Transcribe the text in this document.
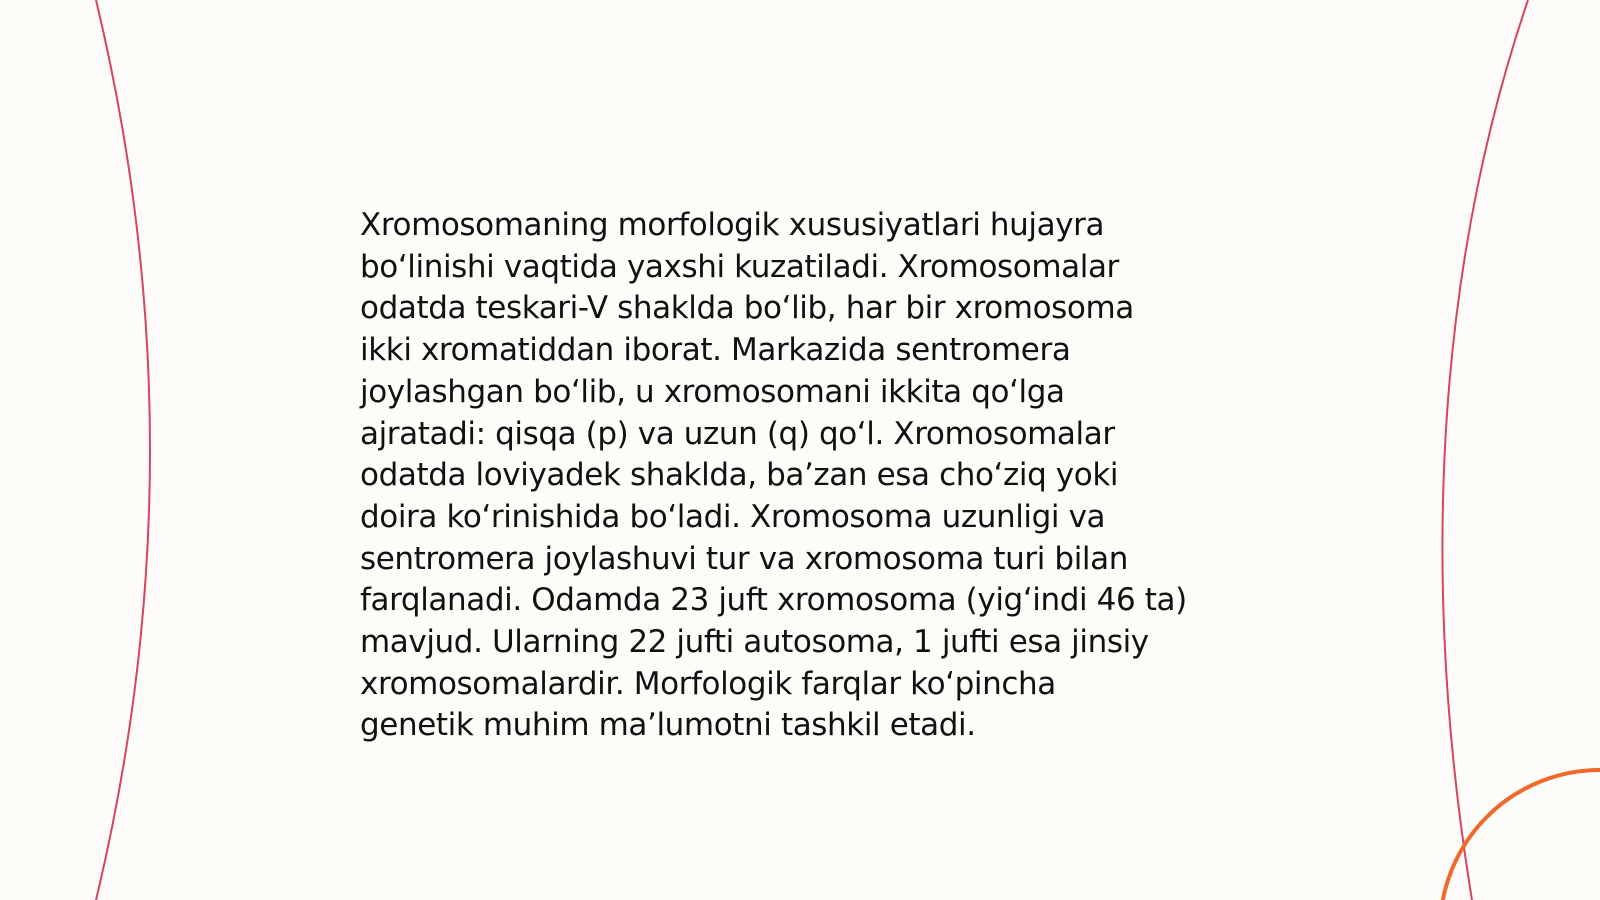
Xromosomaning morfologik xususiyatlari hujayra
bo‘linishi vaqtida yaxshi kuzatiladi. Xromosomalar
odatda teskari-V shaklda bo‘lib, har bir xromosoma
ikki xromatiddan iborat. Markazida sentromera
joylashgan bo‘lib, u xromosomani ikkita qo‘lga
ajratadi: qisqa (p) va uzun (q) qo‘l. Xromosomalar
odatda loviyadek shaklda, ba’zan esa cho‘ziq yoki
doira ko‘rinishida bo‘ladi. Xromosoma uzunligi va
sentromera joylashuvi tur va xromosoma turi bilan
farqlanadi. Odamda 23 juft xromosoma (yig‘indi 46 ta)
mavjud. Ularning 22 jufti autosoma, 1 jufti esa jinsiy
xromosomalardir. Morfologik farqlar ko‘pincha
genetik muhim ma’lumotni tashkil etadi.
